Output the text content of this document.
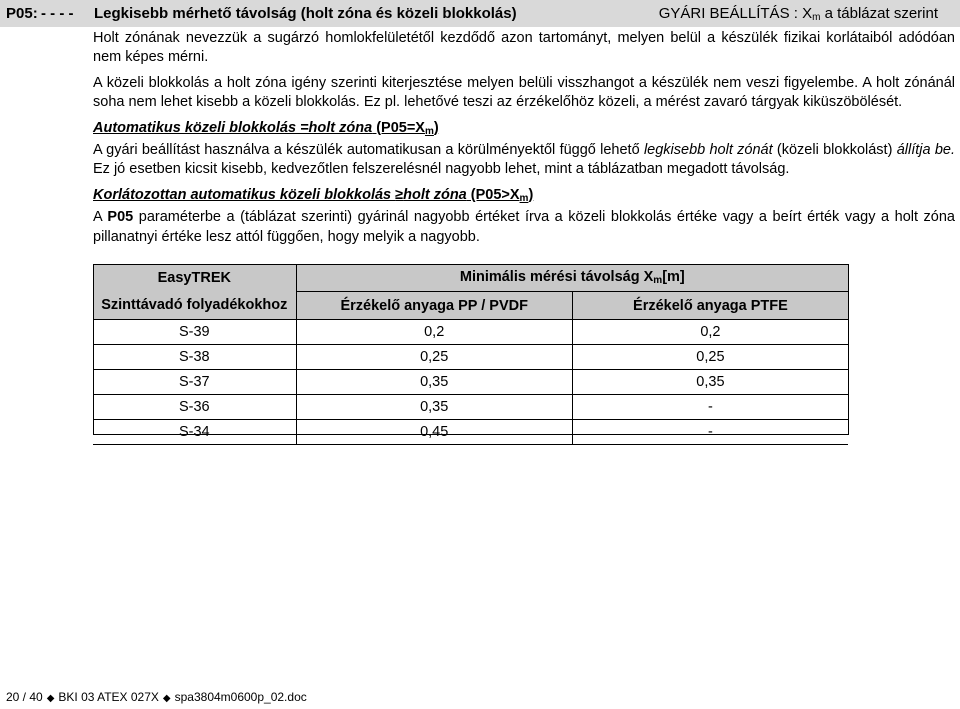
P05: - - - - Legkisebb mérhető távolság (holt zóna és közeli blokkolás)	GYÁRI BEÁLLÍTÁS : $X_m$ a táblázat szerint

Holt zónának nevezzük a sugárzó homlokfelületétől kezdődő azon tartományt, melyen belül a készülék fizikai korlátaiból adódóan nem képes mérni.

A közeli blokkolás a holt zóna igény szerinti kiterjesztése melyen belüli visszhangot a készülék nem veszi figyelembe. A holt zónánál soha nem lehet kisebb a közeli blokkolás. Ez pl. lehetővé teszi az érzékelőhöz közeli, a mérést zavaró tárgyak kiküszöbölését.

Automatikus közeli blokkolás =holt zóna $(P05=X_m)$

A gyári beállítást használva a készülék automatikusan a körülményektől függő lehető legkisebb holt zónát (közeli blokkolást) állítja be. Ez jó esetben kicsit kisebb, kedvezőtlen felszerelésnél nagyobb lehet, mint a táblázatban megadott távolság.

Korlátozottan automatikus közeli blokkolás ≥holt zóna $(P05>X_m)$

A P05 paraméterbe a (táblázat szerinti) gyárinál nagyobb értéket írva a közeli blokkolás értéke vagy a beírt érték vagy a holt zóna pillanatnyi értéke lesz attól függően, hogy melyik a nagyobb.

EasyTREK	Minimális mérési távolság $X_m[m]$	
Szinttávadó folyadékokhoz	Érzékelő anyaga PP / PVDF	Érzékelő anyaga PTFE
S-39	0,2	0,2
S-38	0,25	0,25
S-37	0,35	0,35
S-36	0,35	-
S-34	0,45	-
20 / 40 ◆ BKI 03 ATEX 027X ◆ spa3804m0600p_02.doc
